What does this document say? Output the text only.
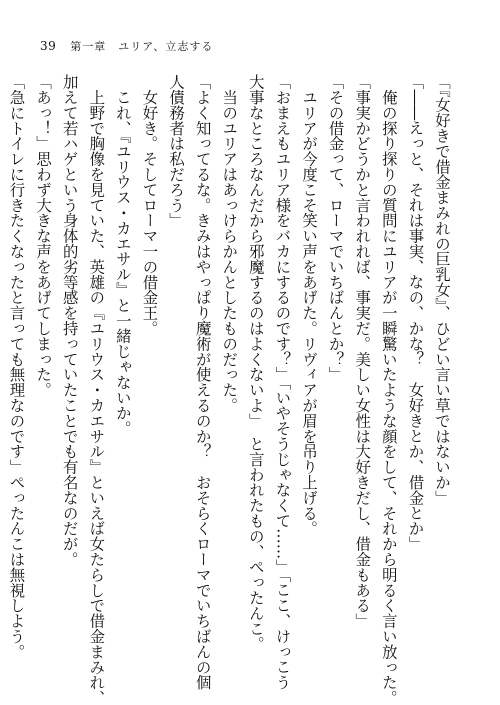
39 第一章　ユリア、立志する
「『女好きで借金まみれの巨乳女』、ひどい言い草ではないか」
「――えっと、それは事実、なの、かな？　女好きとか、借金とか」
　俺の探り探りの質問にユリアが一瞬驚いたような顔をして、それから明るく言い放った。
「事実かどうかと言われれば、事実だ。美しい女性は大好きだし、借金もある」
「その借金って、ローマでいちばんとか？」
　ユリアが今度こそ笑い声をあげた。リヴィアが眉を吊り上げる。
「おまえもユリア様をバカにするのです？」「いやそうじゃなくて……」「ここ、けっこう
大事なところなんだから邪魔するのはよくないよ」　と言われたもの、ぺったんこ。
　当のユリアはあっけらかんとしたものだった。
「よく知ってるな。きみはやっぱり魔術が使えるのか？　おそらくローマでいちばんの個
人債務者は私だろう」
　女好き。そしてローマ一の借金王。
　これ、『ユリウス・カエサル』と一緒じゃないか。
　上野で胸像を見ていた、英雄の『ユリウス・カエサル』といえば女たらしで借金まみれ、
加えて若ハゲという身体的劣等感を持っていたことでも有名なのだが。
「あっ！」思わず大きな声をあげてしまった。
「急にトイレに行きたくなったと言っても無理なのです」ぺったんこは無視しよう。
